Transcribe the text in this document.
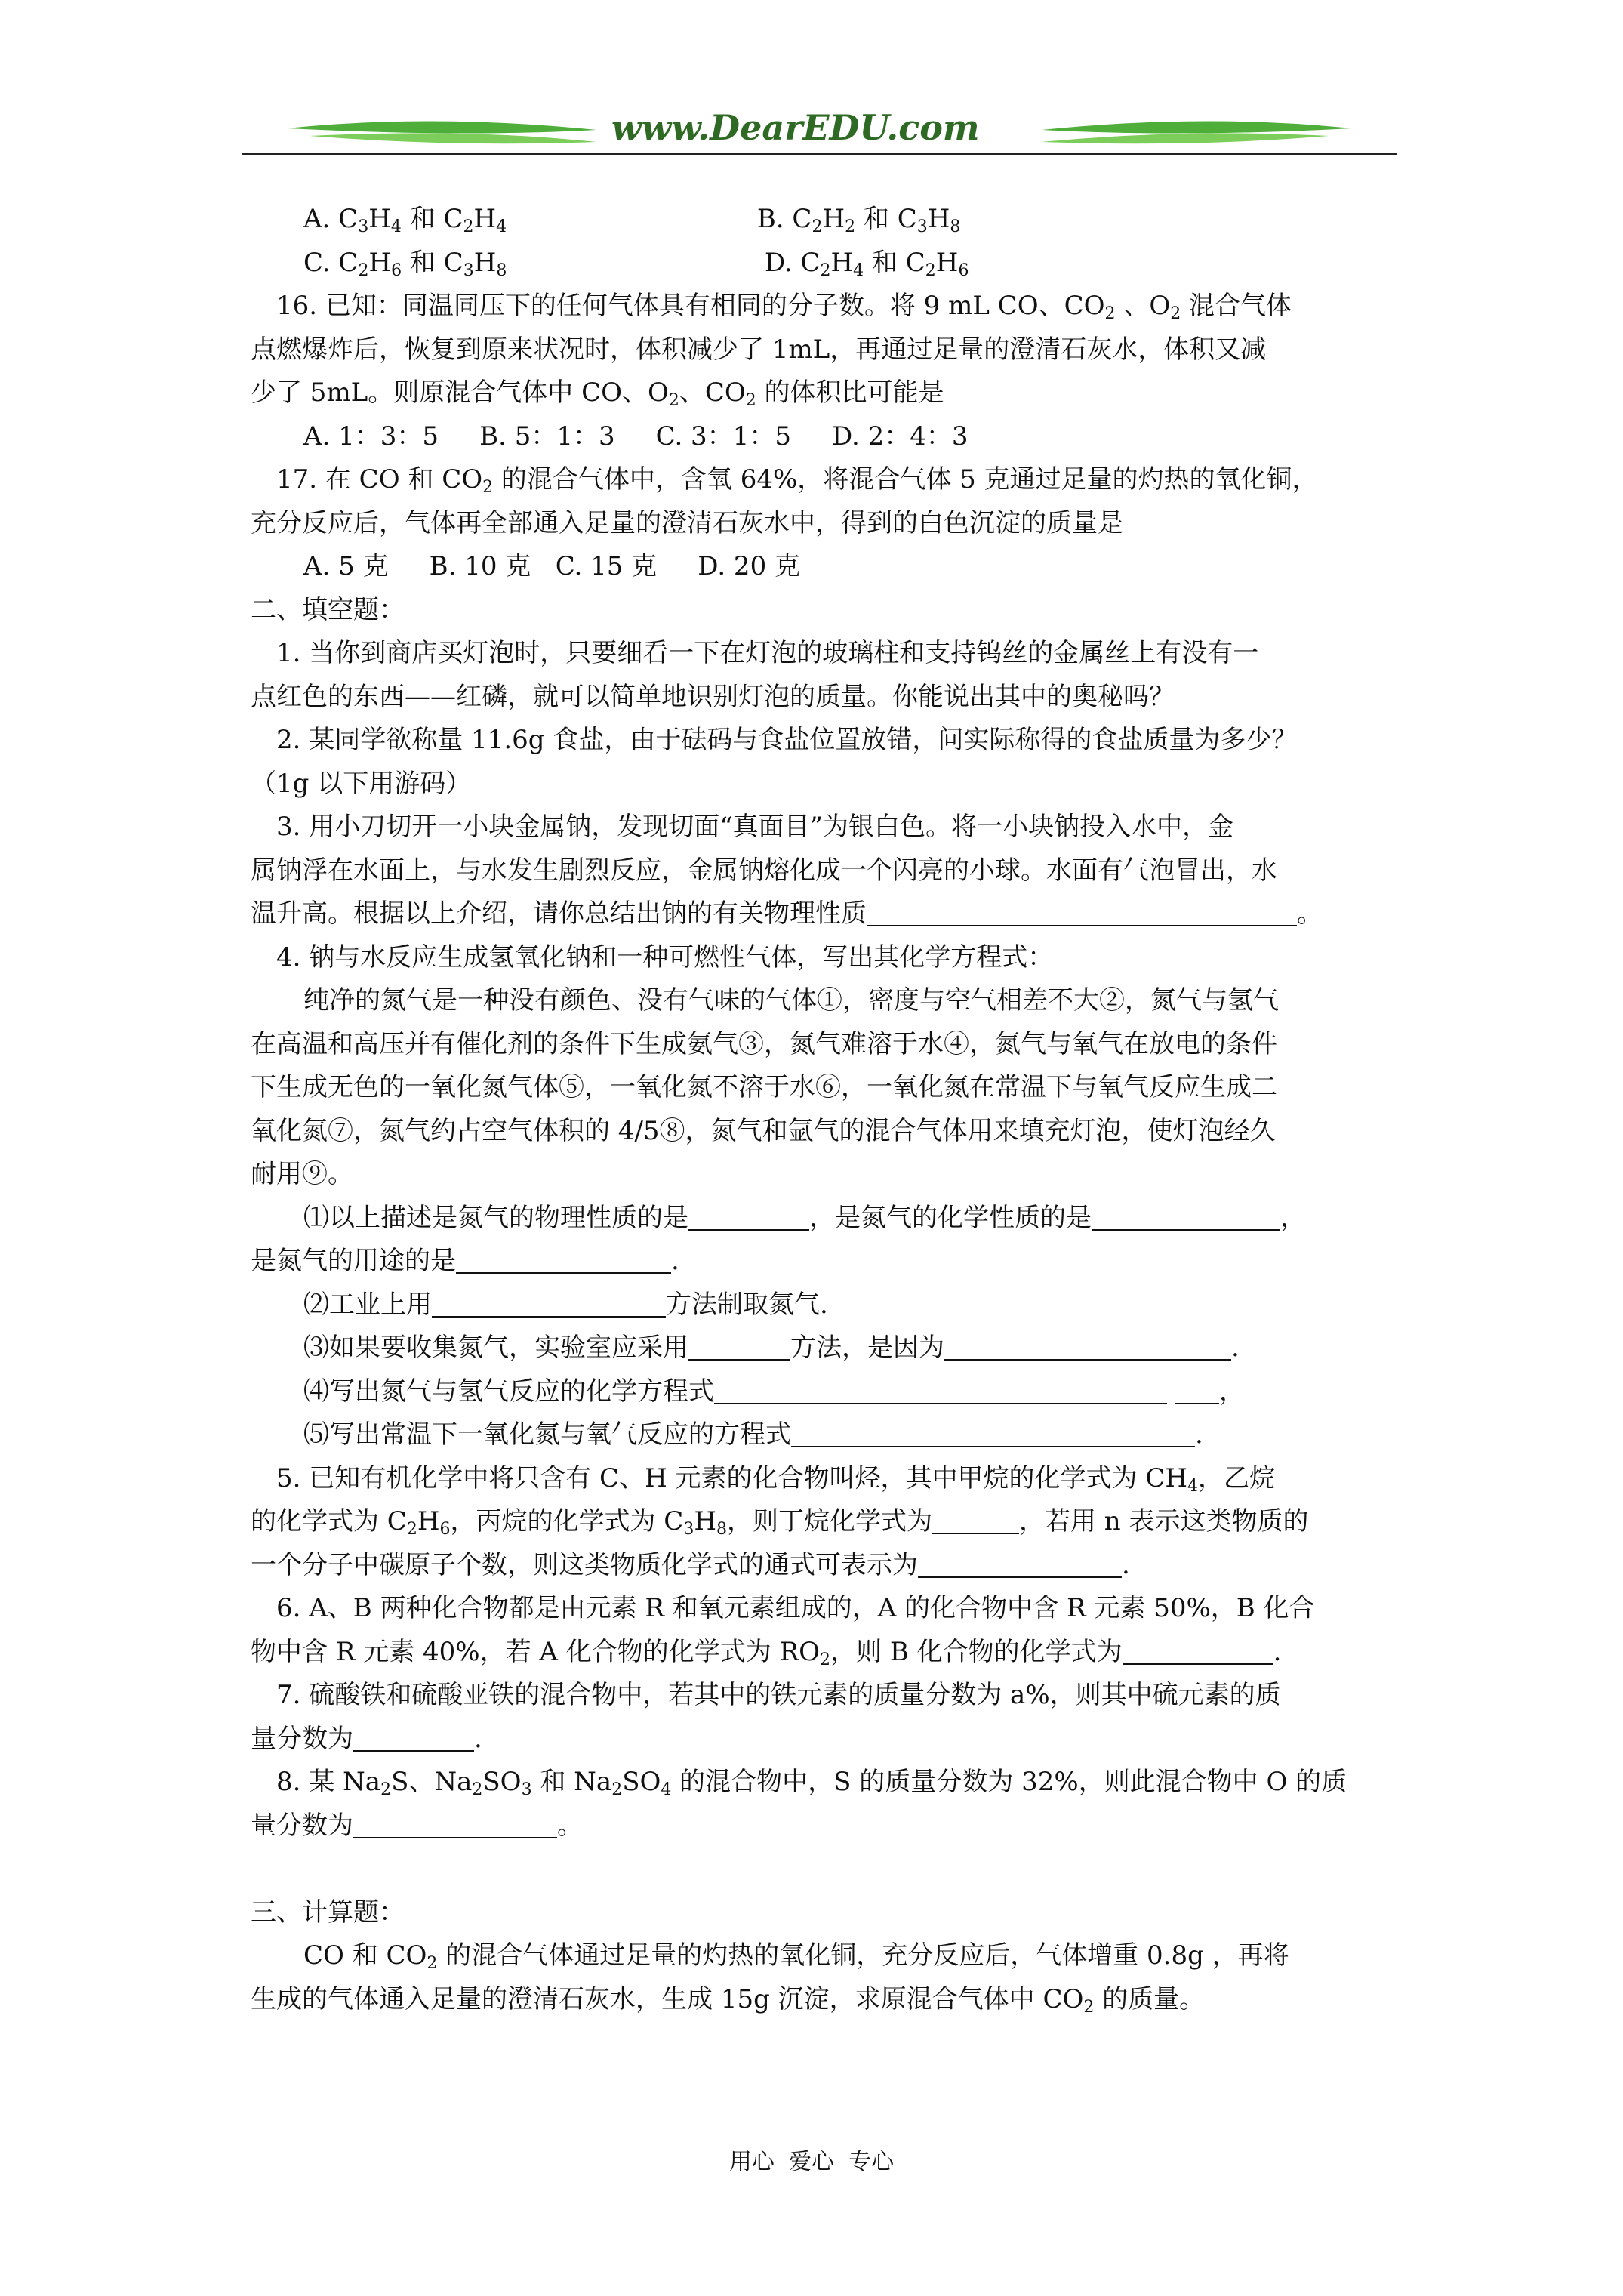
www.DearEDU.com
A. $C_3H_4$ 和 $C_2H_4$	B. $C_2H_2$ 和 $C_3H_8$
C. $C_2H_6$ 和 $C_3H_8$	D. $C_2H_4$ 和 $C_2H_6$
16. 已知：同温同压下的任何气体具有相同的分子数。将 9 mL CO、$CO_2$ 、$O_2$ 混合气体
点燃爆炸后，恢复到原来状况时，体积减少了 1mL，再通过足量的澄清石灰水，体积又减
少了 5mL。则原混合气体中 CO、$O_2$、$CO_2$ 的体积比可能是
A. 1：3：5     B. 5：1：3     C. 3：1：5     D. 2：4：3
17. 在 CO 和 $CO_2$ 的混合气体中，含氧 64%，将混合气体 5 克通过足量的灼热的氧化铜，
充分反应后，气体再全部通入足量的澄清石灰水中，得到的白色沉淀的质量是
A. 5 克     B. 10 克   C. 15 克     D. 20 克
二、填空题：
1. 当你到商店买灯泡时，只要细看一下在灯泡的玻璃柱和支持钨丝的金属丝上有没有一
点红色的东西——红磷，就可以简单地识别灯泡的质量。你能说出其中的奥秘吗？
2. 某同学欲称量 11.6g 食盐，由于砝码与食盐位置放错，问实际称得的食盐质量为多少？
（1g 以下用游码）
3. 用小刀切开一小块金属钠，发现切面“真面目”为银白色。将一小块钠投入水中，金
属钠浮在水面上，与水发生剧烈反应，金属钠熔化成一个闪亮的小球。水面有气泡冒出，水
温升高。根据以上介绍，请你总结出钠的有关物理性质	。
4. 钠与水反应生成氢氧化钠和一种可燃性气体，写出其化学方程式：
纯净的氮气是一种没有颜色、没有气味的气体①，密度与空气相差不大②，氮气与氢气
在高温和高压并有催化剂的条件下生成氨气③，氮气难溶于水④，氮气与氧气在放电的条件
下生成无色的一氧化氮气体⑤，一氧化氮不溶于水⑥，一氧化氮在常温下与氧气反应生成二
氧化氮⑦，氮气约占空气体积的 4/5⑧，氮气和氩气的混合气体用来填充灯泡，使灯泡经久
耐用⑨。
⑴以上描述是氮气的物理性质的是	，是氮气的化学性质的是	，
是氮气的用途的是	.
⑵工业上用	方法制取氮气.
⑶如果要收集氮气，实验室应采用	方法，是因为	.
⑷写出氮气与氢气反应的化学方程式	，
⑸写出常温下一氧化氮与氧气反应的方程式	.
5. 已知有机化学中将只含有 C、H 元素的化合物叫烃，其中甲烷的化学式为 $CH_4$，乙烷
的化学式为 $C_2H_6$，丙烷的化学式为 $C_3H_8$，则丁烷化学式为	，若用 n 表示这类物质的
一个分子中碳原子个数，则这类物质化学式的通式可表示为	.
6. A、B 两种化合物都是由元素 R 和氧元素组成的，A 的化合物中含 R 元素 50%，B 化合
物中含 R 元素 40%，若 A 化合物的化学式为 $RO_2$，则 B 化合物的化学式为	.
7. 硫酸铁和硫酸亚铁的混合物中，若其中的铁元素的质量分数为 a%，则其中硫元素的质
量分数为	.
8. 某 $Na_2S$、$Na_2SO_3$ 和 $Na_2SO_4$ 的混合物中，S 的质量分数为 32%，则此混合物中 O 的质
量分数为	。
三、计算题：
CO 和 $CO_2$ 的混合气体通过足量的灼热的氧化铜，充分反应后，气体增重 0.8g ，再将
生成的气体通入足量的澄清石灰水，生成 15g 沉淀，求原混合气体中 $CO_2$ 的质量。
用心  爱心  专心
